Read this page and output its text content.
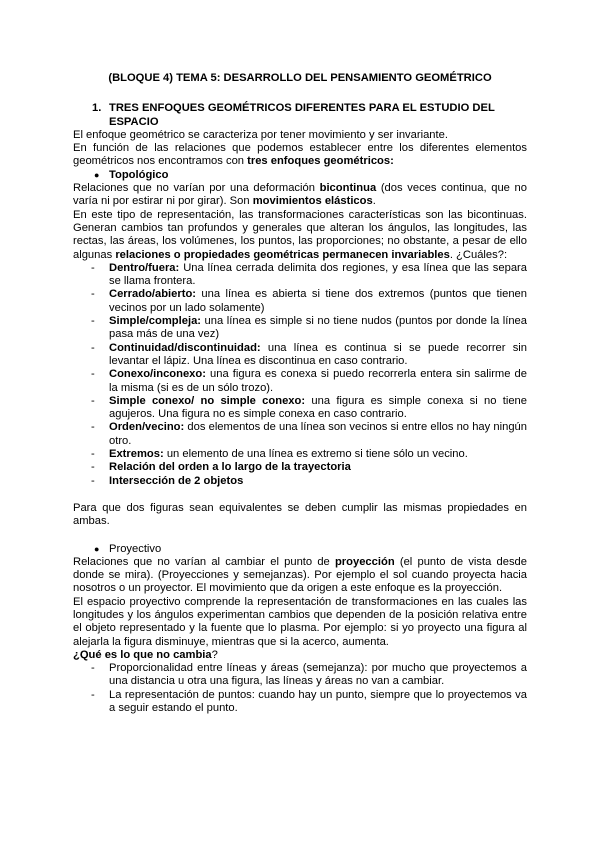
(BLOQUE 4) TEMA 5: DESARROLLO DEL PENSAMIENTO GEOMÉTRICO
1. TRES ENFOQUES GEOMÉTRICOS DIFERENTES PARA EL ESTUDIO DEL ESPACIO

El enfoque geométrico se caracteriza por tener movimiento y ser invariante.

En función de las relaciones que podemos establecer entre los diferentes elementos geométricos nos encontramos con tres enfoques geométricos:

● Topológico

Relaciones que no varían por una deformación bicontinua (dos veces continua, que no varía ni por estirar ni por girar). Son movimientos elásticos.

En este tipo de representación, las transformaciones características son las bicontinuas. Generan cambios tan profundos y generales que alteran los ángulos, las longitudes, las rectas, las áreas, los volúmenes, los puntos, las proporciones; no obstante, a pesar de ello algunas relaciones o propiedades geométricas permanecen invariables. ¿Cuáles?:

-	Dentro/fuera: Una línea cerrada delimita dos regiones, y esa línea que las separa se llama frontera.
-	Cerrado/abierto: una línea es abierta si tiene dos extremos (puntos que tienen vecinos por un lado solamente)
-	Simple/compleja: una línea es simple si no tiene nudos (puntos por donde la línea pasa más de una vez)
-	Continuidad/discontinuidad: una línea es continua si se puede recorrer sin levantar el lápiz. Una línea es discontinua en caso contrario.
-	Conexo/inconexo: una figura es conexa si puedo recorrerla entera sin salirme de la misma (si es de un sólo trozo).
-	Simple conexo/ no simple conexo: una figura es simple conexa si no tiene agujeros. Una figura no es simple conexa en caso contrario.
-	Orden/vecino: dos elementos de una línea son vecinos si entre ellos no hay ningún otro.
-	Extremos: un elemento de una línea es extremo si tiene sólo un vecino.
-	Relación del orden a lo largo de la trayectoria
-	Intersección de 2 objetos

Para que dos figuras sean equivalentes se deben cumplir las mismas propiedades en ambas.

● Proyectivo

Relaciones que no varían al cambiar el punto de proyección (el punto de vista desde donde se mira). (Proyecciones y semejanzas). Por ejemplo el sol cuando proyecta hacia nosotros o un proyector. El movimiento que da origen a este enfoque es la proyección.

El espacio proyectivo comprende la representación de transformaciones en las cuales las longitudes y los ángulos experimentan cambios que dependen de la posición relativa entre el objeto representado y la fuente que lo plasma. Por ejemplo: si yo proyecto una figura al alejarla la figura disminuye, mientras que si la acerco, aumenta.

¿Qué es lo que no cambia?

-	Proporcionalidad entre líneas y áreas (semejanza): por mucho que proyectemos a una distancia u otra una figura, las líneas y áreas no van a cambiar.
-	La representación de puntos: cuando hay un punto, siempre que lo proyectemos va a seguir estando el punto.
